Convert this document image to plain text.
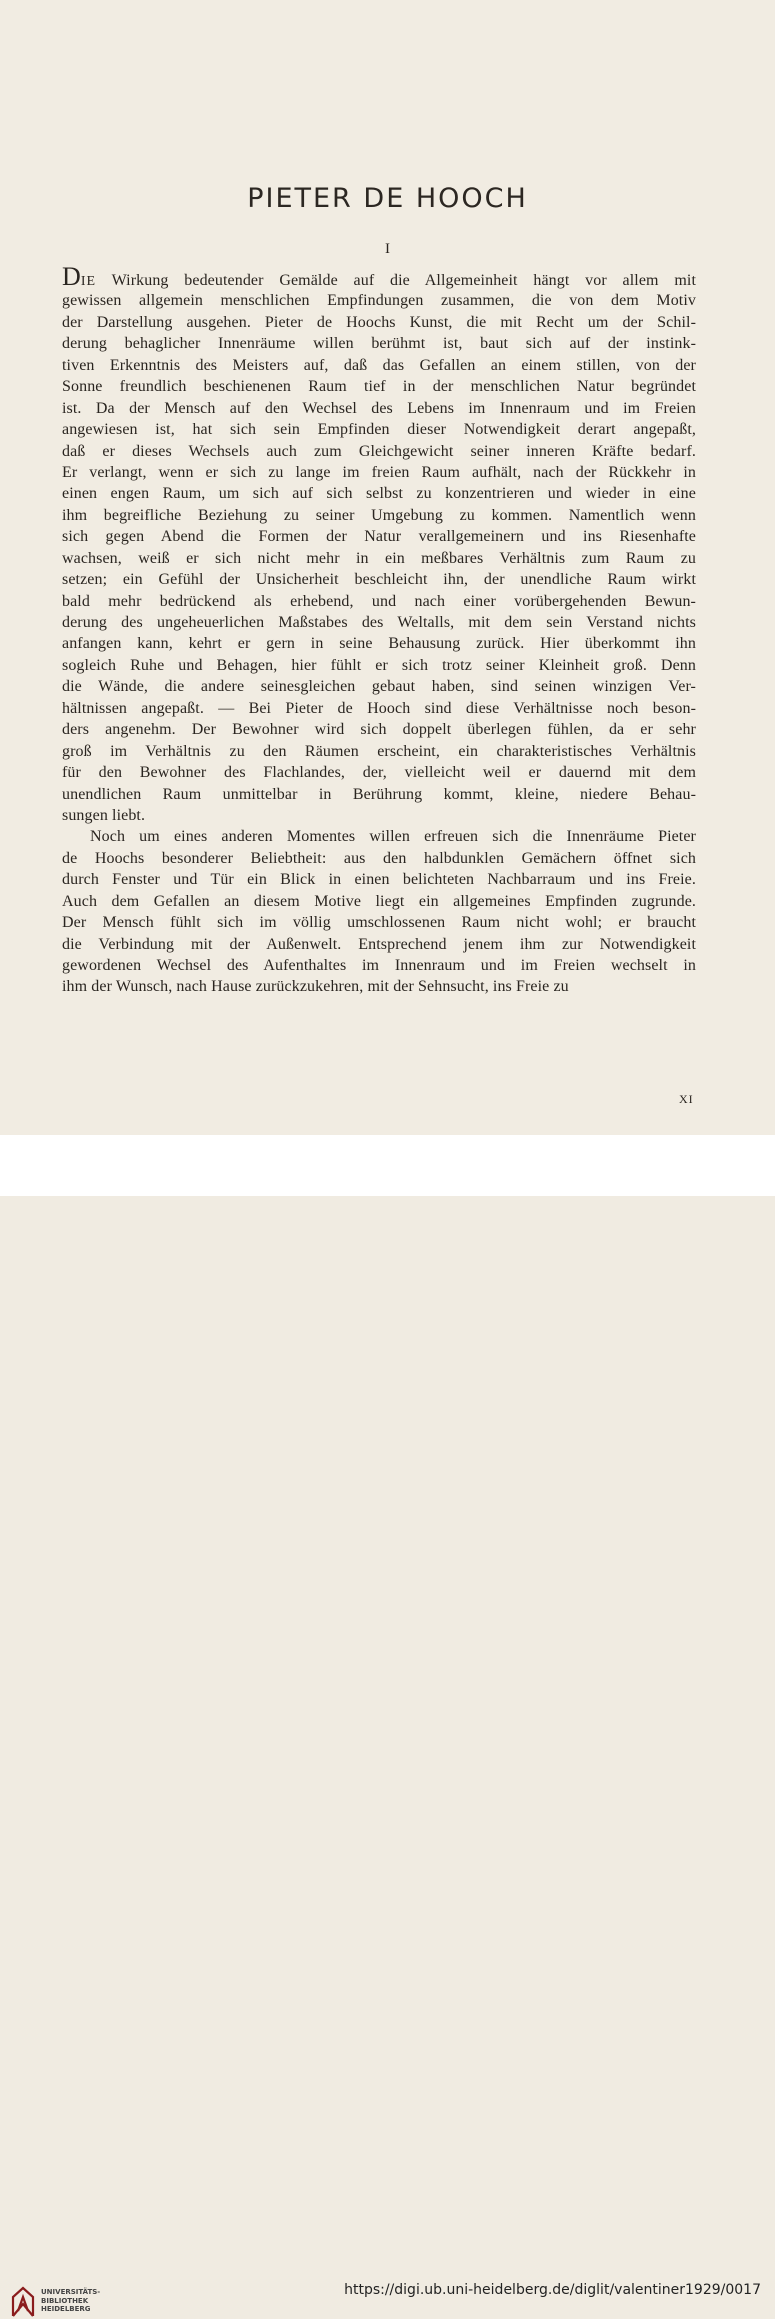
PIETER DE HOOCH
I
DIE Wirkung bedeutender Gemälde auf die Allgemeinheit hängt vor allem mit
gewissen allgemein menschlichen Empfindungen zusammen, die von dem Motiv
der Darstellung ausgehen. Pieter de Hoochs Kunst, die mit Recht um der Schil-
derung behaglicher Innenräume willen berühmt ist, baut sich auf der instink-
tiven Erkenntnis des Meisters auf, daß das Gefallen an einem stillen, von der
Sonne freundlich beschienenen Raum tief in der menschlichen Natur begründet
ist. Da der Mensch auf den Wechsel des Lebens im Innenraum und im Freien
angewiesen ist, hat sich sein Empfinden dieser Notwendigkeit derart angepaßt,
daß er dieses Wechsels auch zum Gleichgewicht seiner inneren Kräfte bedarf.
Er verlangt, wenn er sich zu lange im freien Raum aufhält, nach der Rückkehr in
einen engen Raum, um sich auf sich selbst zu konzentrieren und wieder in eine
ihm begreifliche Beziehung zu seiner Umgebung zu kommen. Namentlich wenn
sich gegen Abend die Formen der Natur verallgemeinern und ins Riesenhafte
wachsen, weiß er sich nicht mehr in ein meßbares Verhältnis zum Raum zu
setzen; ein Gefühl der Unsicherheit beschleicht ihn, der unendliche Raum wirkt
bald mehr bedrückend als erhebend, und nach einer vorübergehenden Bewun-
derung des ungeheuerlichen Maßstabes des Weltalls, mit dem sein Verstand nichts
anfangen kann, kehrt er gern in seine Behausung zurück. Hier überkommt ihn
sogleich Ruhe und Behagen, hier fühlt er sich trotz seiner Kleinheit groß. Denn
die Wände, die andere seinesgleichen gebaut haben, sind seinen winzigen Ver-
hältnissen angepaßt. — Bei Pieter de Hooch sind diese Verhältnisse noch beson-
ders angenehm. Der Bewohner wird sich doppelt überlegen fühlen, da er sehr
groß im Verhältnis zu den Räumen erscheint, ein charakteristisches Verhältnis
für den Bewohner des Flachlandes, der, vielleicht weil er dauernd mit dem
unendlichen Raum unmittelbar in Berührung kommt, kleine, niedere Behau-
sungen liebt.
Noch um eines anderen Momentes willen erfreuen sich die Innenräume Pieter
de Hoochs besonderer Beliebtheit: aus den halbdunklen Gemächern öffnet sich
durch Fenster und Tür ein Blick in einen belichteten Nachbarraum und ins Freie.
Auch dem Gefallen an diesem Motive liegt ein allgemeines Empfinden zugrunde.
Der Mensch fühlt sich im völlig umschlossenen Raum nicht wohl; er braucht
die Verbindung mit der Außenwelt. Entsprechend jenem ihm zur Notwendigkeit
gewordenen Wechsel des Aufenthaltes im Innenraum und im Freien wechselt in
ihm der Wunsch, nach Hause zurückzukehren, mit der Sehnsucht, ins Freie zu
XI
UNIVERSITÄTS-
BIBLIOTHEK
HEIDELBERG
https://digi.ub.uni-heidelberg.de/diglit/valentiner1929/0017
